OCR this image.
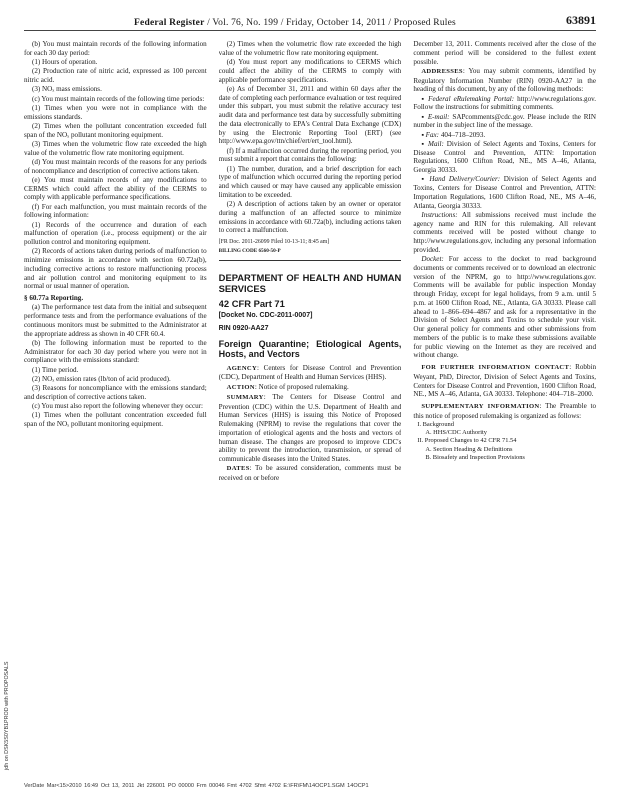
Federal Register / Vol. 76, No. 199 / Friday, October 14, 2011 / Proposed Rules	63891

(b) You must maintain records of the following information for each 30 day period:

(1) Hours of operation.

(2) Production rate of nitric acid, expressed as 100 percent nitric acid.

(3) NOₓ mass emissions.

(c) You must maintain records of the following time periods:

(1) Times when you were not in compliance with the emissions standards.

(2) Times when the pollutant concentration exceeded full span of the NOₓ pollutant monitoring equipment.

(3) Times when the volumetric flow rate exceeded the high value of the volumetric flow rate monitoring equipment.

(d) You must maintain records of the reasons for any periods of noncompliance and description of corrective actions taken.

(e) You must maintain records of any modifications to CERMS which could affect the ability of the CERMS to comply with applicable performance specifications.

(f) For each malfunction, you must maintain records of the following information:

(1) Records of the occurrence and duration of each malfunction of operation (i.e., process equipment) or the air pollution control and monitoring equipment.

(2) Records of actions taken during periods of malfunction to minimize emissions in accordance with section 60.72a(b), including corrective actions to restore malfunctioning process and air pollution control and monitoring equipment to its normal or usual manner of operation.

§ 60.77a Reporting.

(a) The performance test data from the initial and subsequent performance tests and from the performance evaluations of the continuous monitors must be submitted to the Administrator at the appropriate address as shown in 40 CFR 60.4.

(b) The following information must be reported to the Administrator for each 30 day period where you were not in compliance with the emissions standard:

(1) Time period.

(2) NOₓ emission rates (lb/ton of acid produced).

(3) Reasons for noncompliance with the emissions standard; and description of corrective actions taken.

(c) You must also report the following whenever they occur:

(1) Times when the pollutant concentration exceeded full span of the NOₓ pollutant monitoring equipment.

(2) Times when the volumetric flow rate exceeded the high value of the volumetric flow rate monitoring equipment.

(d) You must report any modifications to CERMS which could affect the ability of the CERMS to comply with applicable performance specifications.

(e) As of December 31, 2011 and within 60 days after the date of completing each performance evaluation or test required under this subpart, you must submit the relative accuracy test audit data and performance test data by successfully submitting the data electronically to EPA's Central Data Exchange (CDX) by using the Electronic Reporting Tool (ERT) (see http://www.epa.gov/ttn/chief/ert/ert_tool.html).

(f) If a malfunction occurred during the reporting period, you must submit a report that contains the following:

(1) The number, duration, and a brief description for each type of malfunction which occurred during the reporting period and which caused or may have caused any applicable emission limitation to be exceeded.

(2) A description of actions taken by an owner or operator during a malfunction of an affected source to minimize emissions in accordance with 60.72a(b), including actions taken to correct a malfunction.

[FR Doc. 2011-26099 Filed 10-13-11; 8:45 am]

BILLING CODE 6560-50-P

DEPARTMENT OF HEALTH AND HUMAN SERVICES

42 CFR Part 71

[Docket No. CDC-2011-0007]

RIN 0920-AA27

Foreign Quarantine; Etiological Agents, Hosts, and Vectors

AGENCY: Centers for Disease Control and Prevention (CDC), Department of Health and Human Services (HHS).

ACTION: Notice of proposed rulemaking.

SUMMARY: The Centers for Disease Control and Prevention (CDC) within the U.S. Department of Health and Human Services (HHS) is issuing this Notice of Proposed Rulemaking (NPRM) to revise the regulations that cover the importation of etiological agents and the hosts and vectors of human disease. The changes are proposed to improve CDC's ability to prevent the introduction, transmission, or spread of communicable diseases into the United States.

DATES: To be assured consideration, comments must be received on or before

December 13, 2011. Comments received after the close of the comment period will be considered to the fullest extent possible.

ADDRESSES: You may submit comments, identified by Regulatory Information Number (RIN) 0920-AA27 in the heading of this document, by any of the following methods:

▪ Federal eRulemaking Portal: http://www.regulations.gov. Follow the instructions for submitting comments.

▪ E-mail: SAPcomments@cdc.gov. Please include the RIN number in the subject line of the message.

▪ Fax: 404–718–2093.

▪ Mail: Division of Select Agents and Toxins, Centers for Disease Control and Prevention, ATTN: Importation Regulations, 1600 Clifton Road, NE., MS A–46, Atlanta, Georgia 30333.

▪ Hand Delivery/Courier: Division of Select Agents and Toxins, Centers for Disease Control and Prevention, ATTN: Importation Regulations, 1600 Clifton Road, NE., MS A–46, Atlanta, Georgia 30333.

Instructions: All submissions received must include the agency name and RIN for this rulemaking. All relevant comments received will be posted without change to http://www.regulations.gov, including any personal information provided.

Docket: For access to the docket to read background documents or comments received or to download an electronic version of the NPRM, go to http://www.regulations.gov. Comments will be available for public inspection Monday through Friday, except for legal holidays, from 9 a.m. until 5 p.m. at 1600 Clifton Road, NE., Atlanta, GA 30333. Please call ahead to 1–866–694–4867 and ask for a representative in the Division of Select Agents and Toxins to schedule your visit. Our general policy for comments and other submissions from members of the public is to make these submissions available for public viewing on the Internet as they are received and without change.

FOR FURTHER INFORMATION CONTACT: Robbin Weyant, PhD, Director, Division of Select Agents and Toxins, Centers for Disease Control and Prevention, 1600 Clifton Road, NE., MS A–46, Atlanta, GA 30333. Telephone: 404–718–2000.

SUPPLEMENTARY INFORMATION: The Preamble to this notice of proposed rulemaking is organized as follows:

I. Background
A. HHS/CDC Authority
II. Proposed Changes to 42 CFR 71.54
A. Section Heading & Definitions
B. Biosafety and Inspection Provisions
jdh on DSK5S0YB1PROD with PROPOSALS
VerDate Mar<15>2010 16:49 Oct 13, 2011 Jkt 226001 PO 00000 Frm 00046 Fmt 4702 Sfmt 4702 E:\FR\FM\14OCP1.SGM 14OCP1
